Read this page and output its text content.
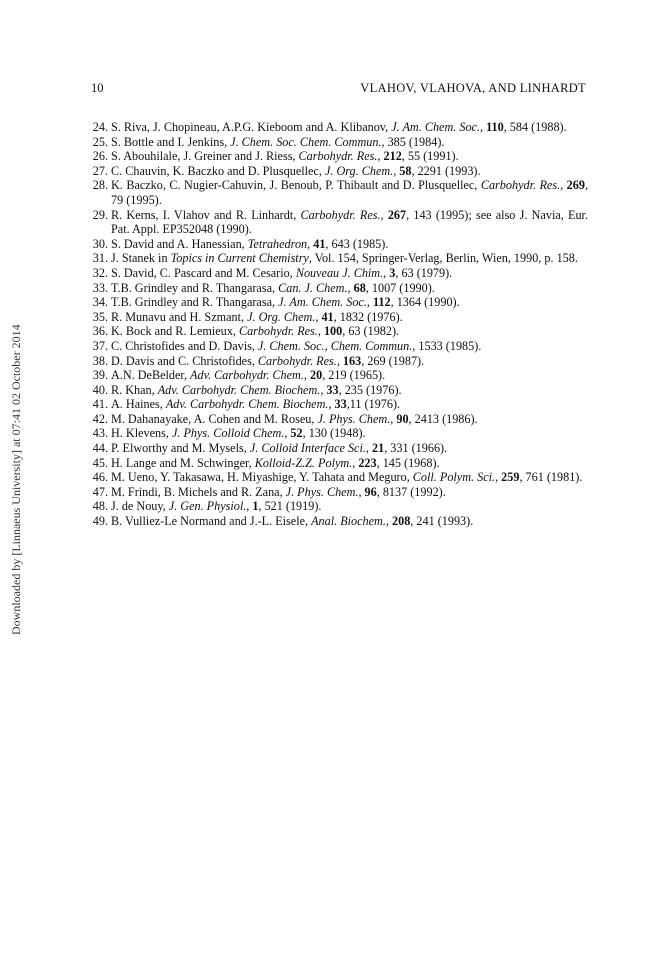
10	VLAHOV, VLAHOVA, AND LINHARDT
Downloaded by [Linnaeus University] at 07:41 02 October 2014
24. S. Riva, J. Chopineau, A.P.G. Kieboom and A. Klibanov, J. Am. Chem. Soc., 110, 584 (1988).
25. S. Bottle and I. Jenkins, J. Chem. Soc. Chem. Commun., 385 (1984).
26. S. Abouhilale, J. Greiner and J. Riess, Carbohydr. Res., 212, 55 (1991).
27. C. Chauvin, K. Baczko and D. Plusquellec, J. Org. Chem., 58, 2291 (1993).
28. K. Baczko, C. Nugier-Cahuvin, J. Benoub, P. Thibault and D. Plusquellec, Carbohydr. Res., 269, 79 (1995).
29. R. Kerns, I. Vlahov and R. Linhardt, Carbohydr. Res., 267, 143 (1995); see also J. Navia, Eur. Pat. Appl. EP352048 (1990).
30. S. David and A. Hanessian, Tetrahedron, 41, 643 (1985).
31. J. Stanek in Topics in Current Chemistry, Vol. 154, Springer-Verlag, Berlin, Wien, 1990, p. 158.
32. S. David, C. Pascard and M. Cesario, Nouveau J. Chim., 3, 63 (1979).
33. T.B. Grindley and R. Thangarasa, Can. J. Chem., 68, 1007 (1990).
34. T.B. Grindley and R. Thangarasa, J. Am. Chem. Soc., 112, 1364 (1990).
35. R. Munavu and H. Szmant, J. Org. Chem., 41, 1832 (1976).
36. K. Bock and R. Lemieux, Carbohydr. Res., 100, 63 (1982).
37. C. Christofides and D. Davis, J. Chem. Soc., Chem. Commun., 1533 (1985).
38. D. Davis and C. Christofides, Carbohydr. Res., 163, 269 (1987).
39. A.N. DeBelder, Adv. Carbohydr. Chem., 20, 219 (1965).
40. R. Khan, Adv. Carbohydr. Chem. Biochem., 33, 235 (1976).
41. A. Haines, Adv. Carbohydr. Chem. Biochem., 33,11 (1976).
42. M. Dahanayake, A. Cohen and M. Roseu, J. Phys. Chem., 90, 2413 (1986).
43. H. Klevens, J. Phys. Colloid Chem., 52, 130 (1948).
44. P. Elworthy and M. Mysels, J. Colloid Interface Sci., 21, 331 (1966).
45. H. Lange and M. Schwinger, Kolloid-Z.Z. Polym., 223, 145 (1968).
46. M. Ueno, Y. Takasawa, H. Miyashige, Y. Tahata and Meguro, Coll. Polym. Sci., 259, 761 (1981).
47. M. Frindi, B. Michels and R. Zana, J. Phys. Chem., 96, 8137 (1992).
48. J. de Nouy, J. Gen. Physiol., 1, 521 (1919).
49. B. Vulliez-Le Normand and J.-L. Eisele, Anal. Biochem., 208, 241 (1993).
